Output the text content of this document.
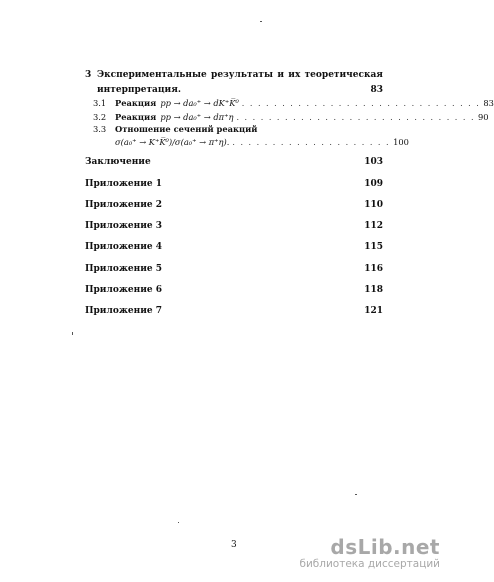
3 Экспериментальные результаты и их теоретическая
интерпретация.	83
3.1 Реакция pp → da₀⁺ → dK⁺K̅⁰ . . . . . . . . . . . . . . . . . . . . . . . . . . . . . . 83
3.2 Реакция pp → da₀⁺ → dπ⁺η . . . . . . . . . . . . . . . . . . . . . . . . . . . . . . 90
3.3 Отношение сечений реакций
σ(a₀⁺ → K⁺K̅⁰)/σ(a₀⁺ → π⁺η). . . . . . . . . . . . . . . . . . . . . 100
Заключение	103
Приложение 1	109
Приложение 2	110
Приложение 3	112
Приложение 4	115
Приложение 5	116
Приложение 6	118
Приложение 7	121
3	dsLib.net
библиотека диссертаций
